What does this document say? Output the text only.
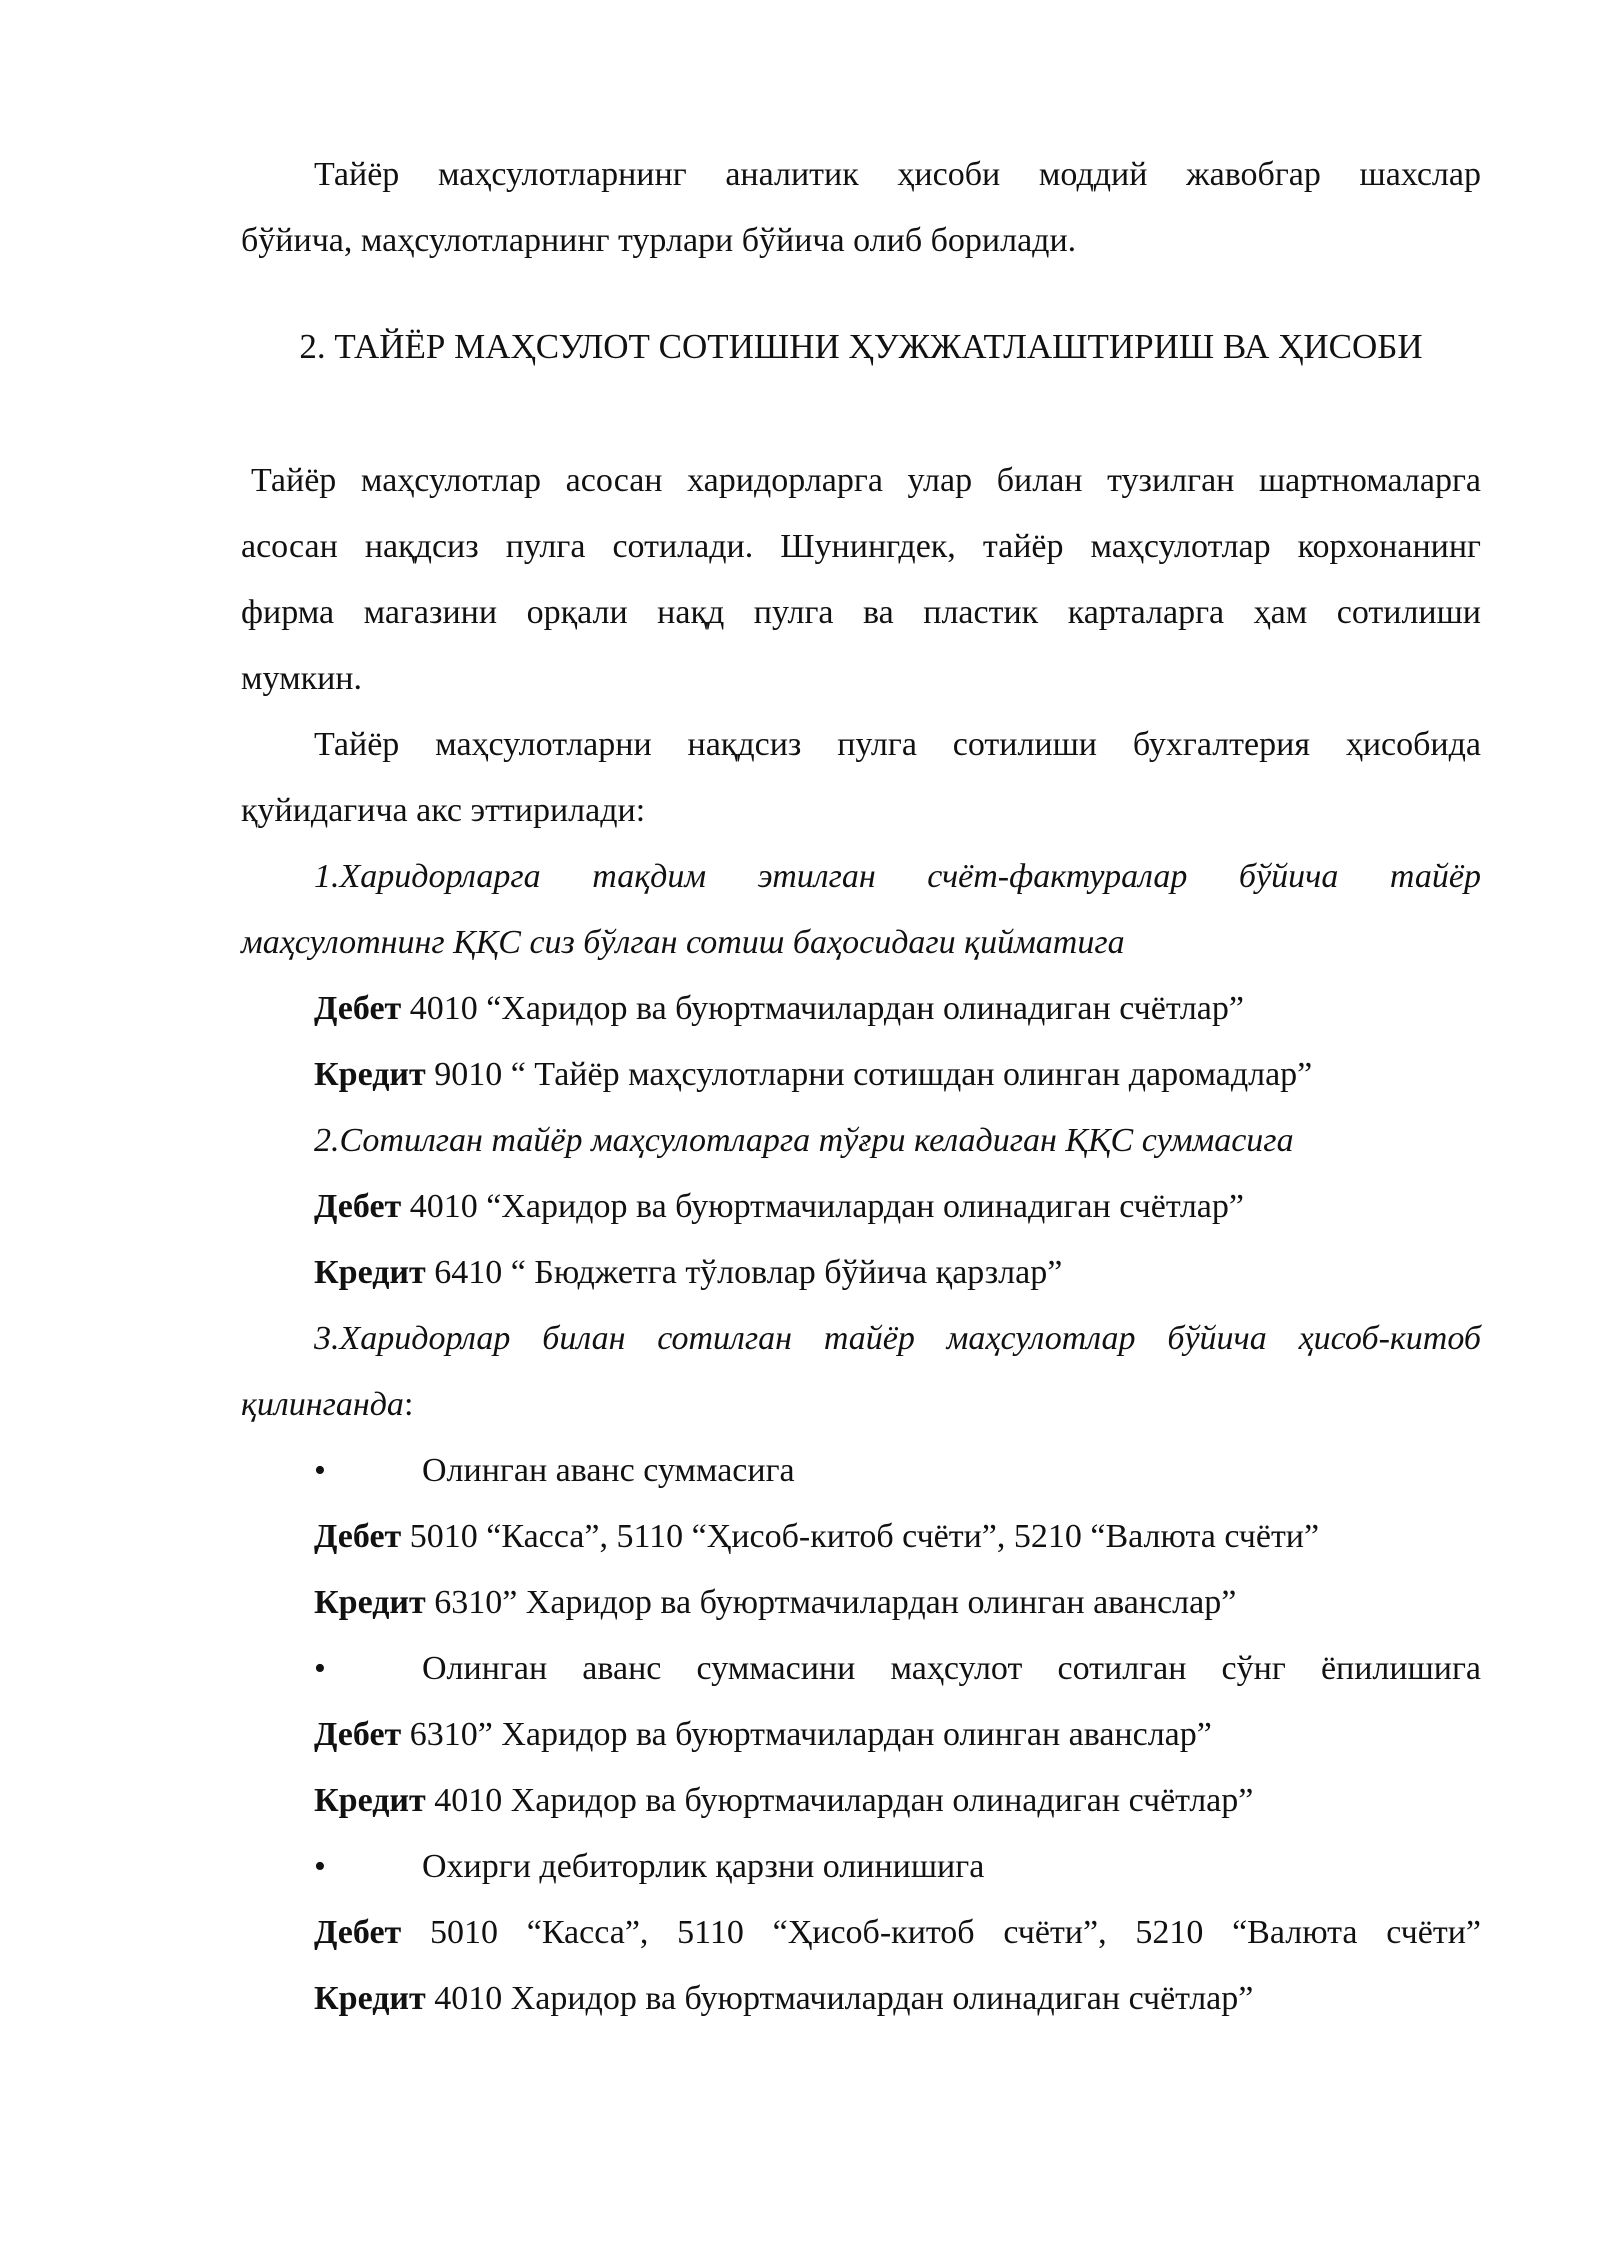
Тайёр маҳсулотларнинг аналитик ҳисоби моддий жавобгар шахслар
бўйича, маҳсулотларнинг турлари бўйича олиб борилади.
2. ТАЙЁР МАҲСУЛОТ СОТИШНИ ҲУЖЖАТЛАШТИРИШ ВА ҲИСОБИ
Тайёр маҳсулотлар асосан харидорларга улар билан тузилган шартномаларга
асосан нақдсиз пулга сотилади. Шунингдек, тайёр маҳсулотлар корхонанинг
фирма магазини орқали нақд пулга ва пластик карталарга ҳам сотилиши
мумкин.
Тайёр маҳсулотларни нақдсиз пулга сотилиши бухгалтерия ҳисобида
қуйидагича акс эттирилади:
1.Харидорларга тақдим этилган счёт-фактуралар бўйича тайёр
маҳсулотнинг ҚҚС сиз бўлган сотиш баҳосидаги қийматига
Дебет 4010 “Харидор ва буюртмачилардан олинадиган счётлар”
Кредит 9010 “ Тайёр маҳсулотларни сотишдан олинган даромадлар”
2.Сотилган тайёр маҳсулотларга тўғри келадиган ҚҚС суммасига
Дебет 4010 “Харидор ва буюртмачилардан олинадиган счётлар”
Кредит 6410 “ Бюджетга тўловлар бўйича қарзлар”
3.Харидорлар билан сотилган тайёр маҳсулотлар бўйича ҳисоб-китоб
қилинганда:
•	Олинган аванс суммасига
Дебет 5010 “Касса”, 5110 “Ҳисоб-китоб счёти”, 5210 “Валюта счёти”
Кредит 6310” Харидор ва буюртмачилардан олинган авансларˮ
•	Олинган аванс суммасини маҳсулот сотилган сўнг ёпилишига
Дебет 6310” Харидор ва буюртмачилардан олинган аванслар”
Кредит 4010 Харидор ва буюртмачилардан олинадиган счётлар”
•	Охирги дебиторлик қарзни олинишига
Дебет 5010 “Касса”, 5110 “Ҳисоб-китоб счёти”, 5210 “Валюта счёти”
Кредит 4010 Харидор ва буюртмачилардан олинадиган счётлар”
